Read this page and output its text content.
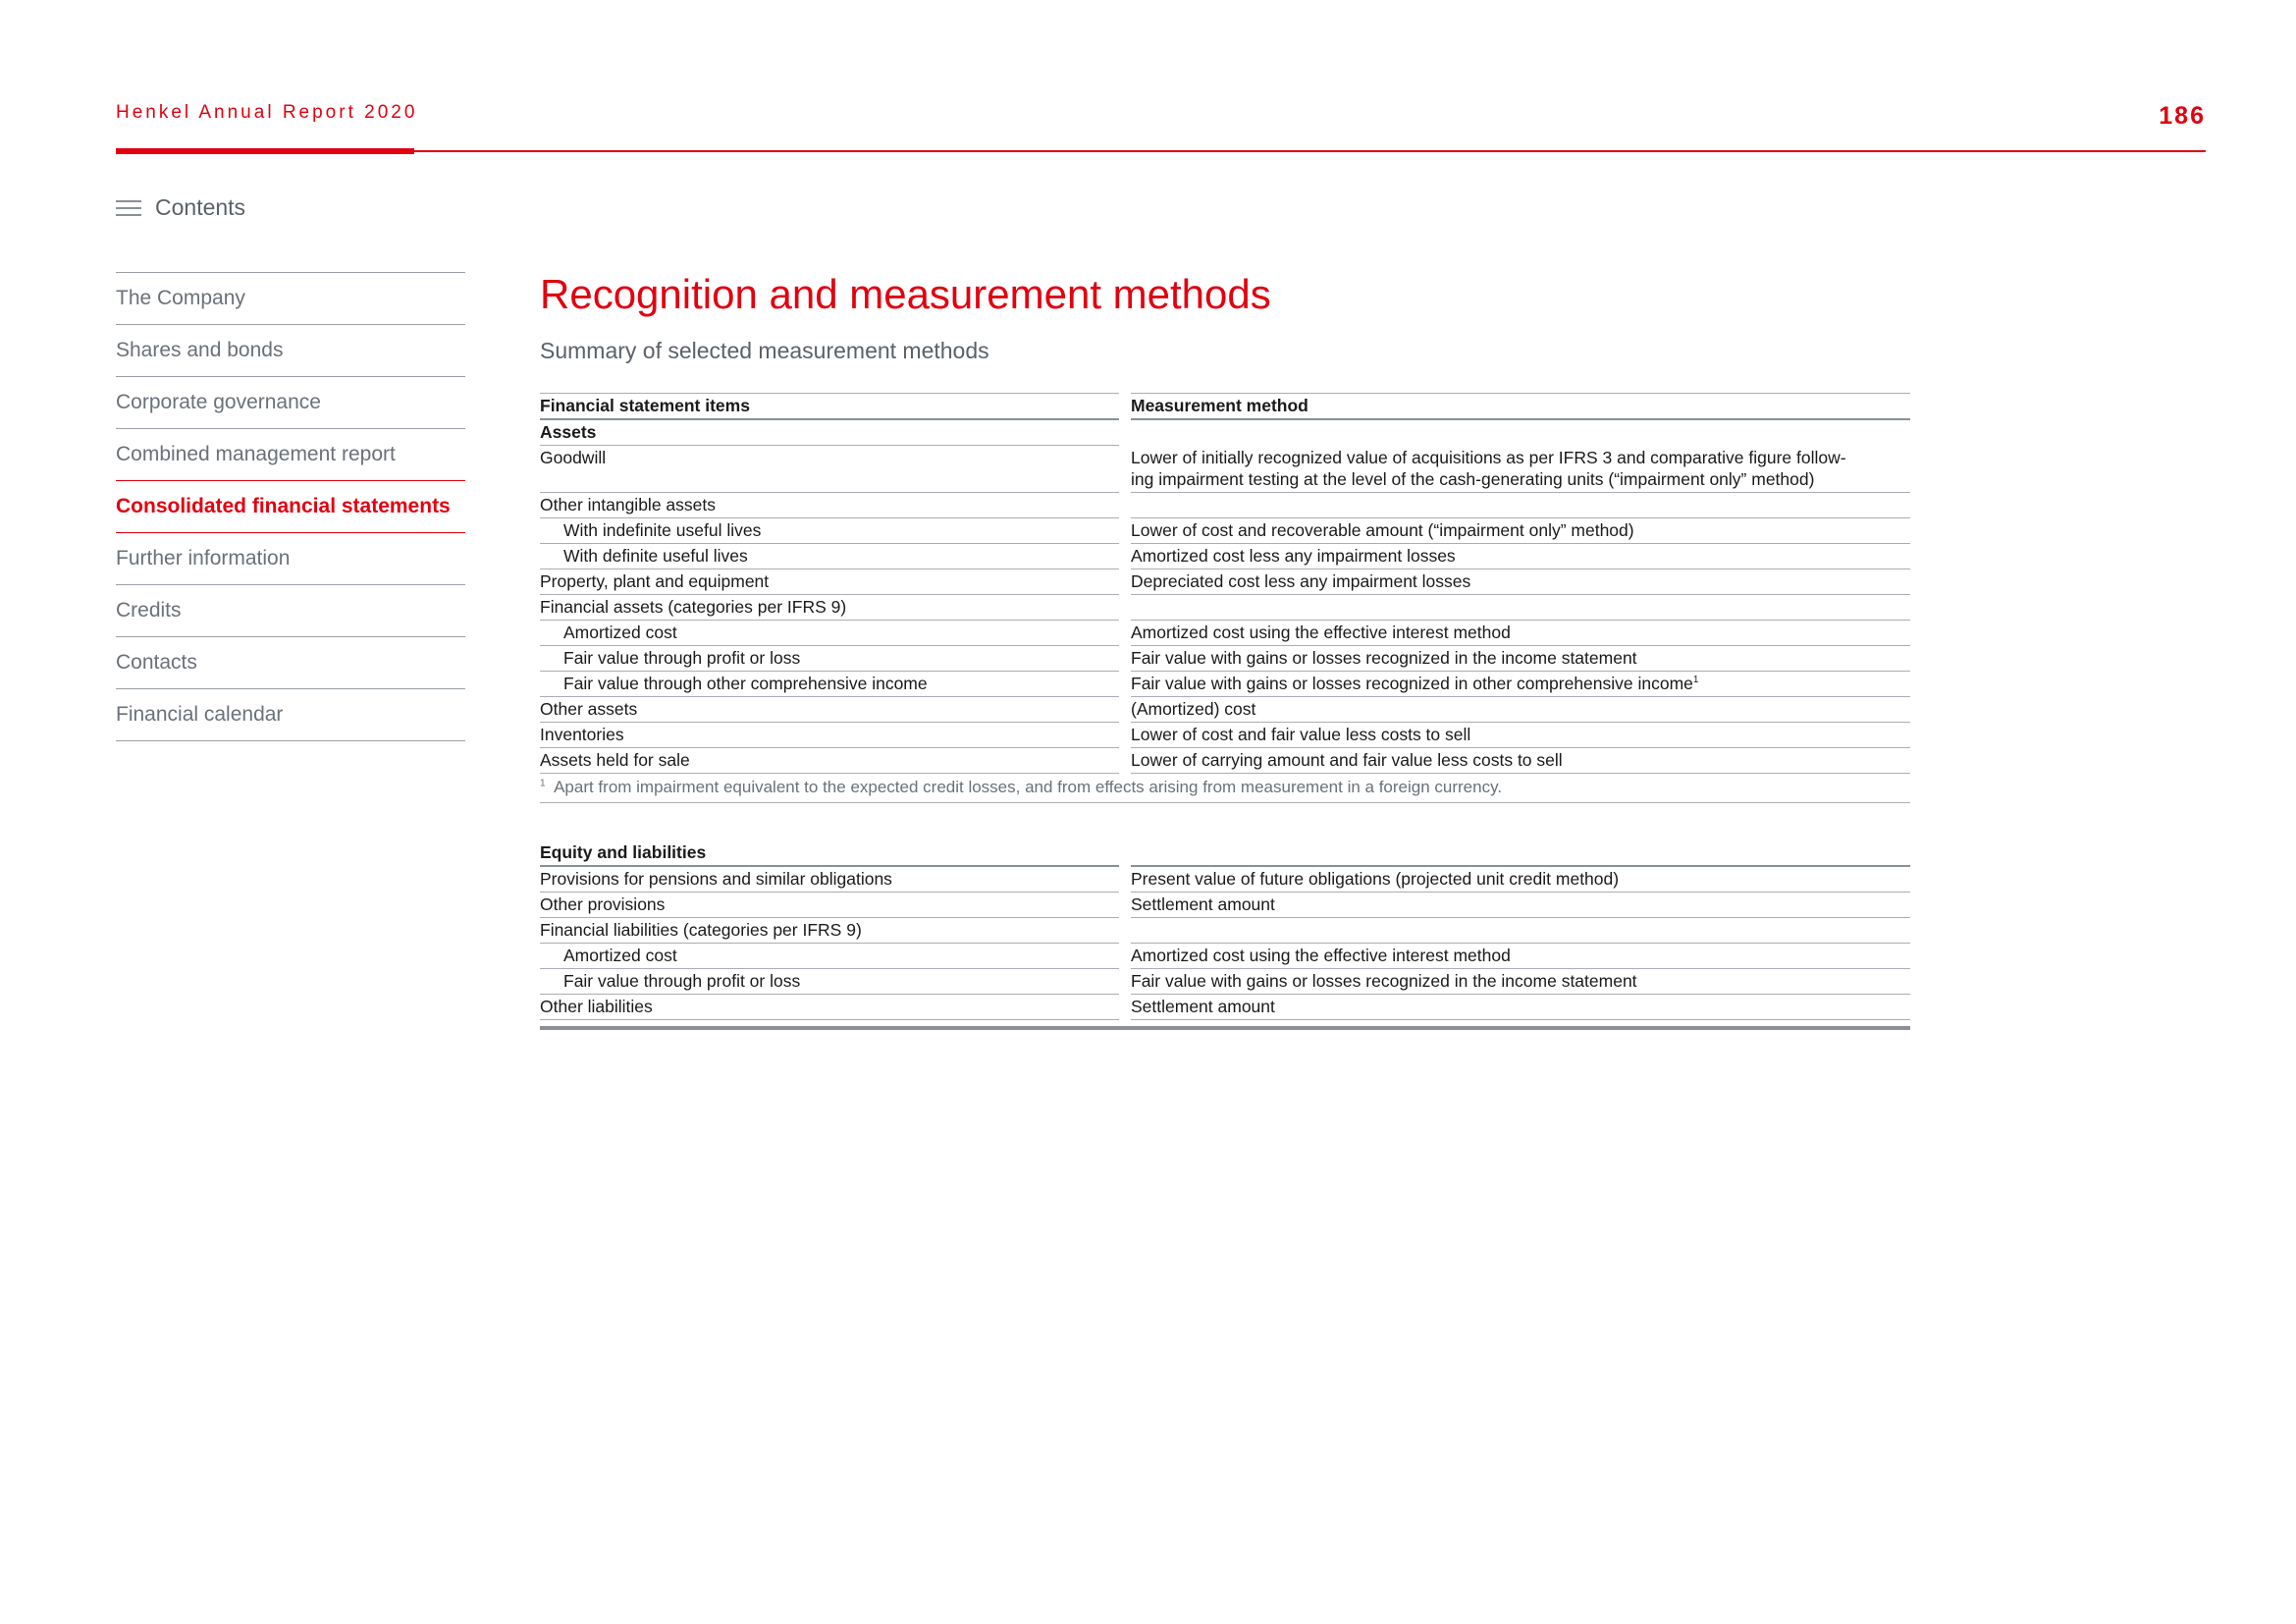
Henkel Annual Report 2020	186
Contents
The Company
Shares and bonds
Corporate governance
Combined management report
Consolidated financial statements
Further information
Credits
Contacts
Financial calendar
Recognition and measurement methods
Summary of selected measurement methods
Financial statement items	Measurement method
Assets
Goodwill	Lower of initially recognized value of acquisitions as per IFRS 3 and comparative figure follow-
ing impairment testing at the level of the cash-generating units (“impairment only” method)
Other intangible assets
With indefinite useful lives	Lower of cost and recoverable amount (“impairment only” method)
With definite useful lives	Amortized cost less any impairment losses
Property, plant and equipment	Depreciated cost less any impairment losses
Financial assets (categories per IFRS 9)
Amortized cost	Amortized cost using the effective interest method
Fair value through profit or loss	Fair value with gains or losses recognized in the income statement
Fair value through other comprehensive income	Fair value with gains or losses recognized in other comprehensive income$^1$
Other assets	(Amortized) cost
Inventories	Lower of cost and fair value less costs to sell
Assets held for sale	Lower of carrying amount and fair value less costs to sell
$^1$ Apart from impairment equivalent to the expected credit losses, and from effects arising from measurement in a foreign currency.
Equity and liabilities
Provisions for pensions and similar obligations	Present value of future obligations (projected unit credit method)
Other provisions	Settlement amount
Financial liabilities (categories per IFRS 9)
Amortized cost	Amortized cost using the effective interest method
Fair value through profit or loss	Fair value with gains or losses recognized in the income statement
Other liabilities	Settlement amount
